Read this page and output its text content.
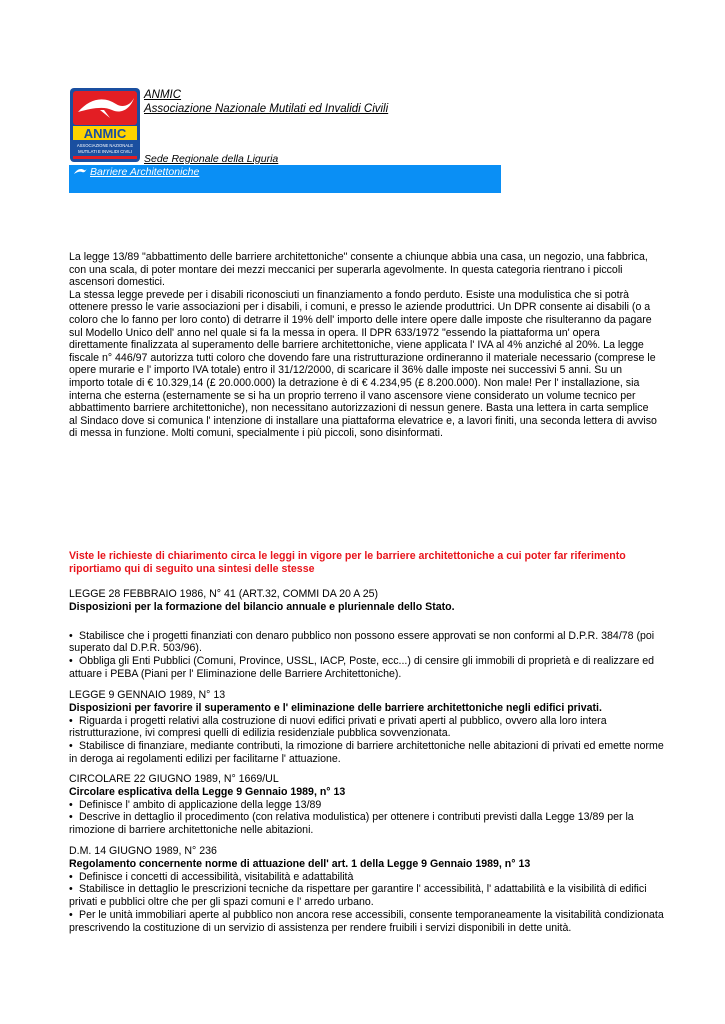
ANMIC
ASSOCIAZIONE NAZIONALE
MUTILATI E INVALIDI CIVILI
ANMIC
Associazione Nazionale Mutilati ed Invalidi Civili
Sede Regionale della Liguria
Barriere Architettoniche

La legge 13/89 "abbattimento delle barriere architettoniche" consente a chiunque abbia una casa, un negozio, una fabbrica, con una scala, di poter montare dei mezzi meccanici per superarla agevolmente. In questa categoria rientrano i piccoli ascensori domestici.

La stessa legge prevede per i disabili riconosciuti un finanziamento a fondo perduto. Esiste una modulistica che si potrà ottenere presso le varie associazioni per i disabili, i comuni, e presso le aziende produttrici. Un DPR consente ai disabili (o a coloro che lo fanno per loro conto) di detrarre il 19% dell' importo delle intere opere dalle imposte che risulteranno da pagare sul Modello Unico dell' anno nel quale si fa la messa in opera. Il DPR 633/1972 "essendo la piattaforma un' opera direttamente finalizzata al superamento delle barriere architettoniche, viene applicata l' IVA al 4% anziché al 20%. La legge fiscale n° 446/97 autorizza tutti coloro che dovendo fare una ristrutturazione ordineranno il materiale necessario (comprese le opere murarie e l' importo IVA totale) entro il 31/12/2000, di scaricare il 36% dalle imposte nei successivi 5 anni. Su un importo totale di € 10.329,14 (£ 20.000.000) la detrazione è di € 4.234,95 (£ 8.200.000). Non male! Per l' installazione, sia interna che esterna (esternamente se si ha un proprio terreno il vano ascensore viene considerato un volume tecnico per abbattimento barriere architettoniche), non necessitano autorizzazioni di nessun genere. Basta una lettera in carta semplice al Sindaco dove si comunica l' intenzione di installare una piattaforma elevatrice e, a lavori finiti, una seconda lettera di avviso di messa in funzione. Molti comuni, specialmente i più piccoli, sono disinformati.

Viste le richieste di chiarimento circa le leggi in vigore per le barriere architettoniche a cui poter far riferimento riportiamo qui di seguito una sintesi delle stesse
LEGGE 28 FEBBRAIO 1986, N° 41 (ART.32, COMMI DA 20 A 25)
Disposizioni per la formazione del bilancio annuale e pluriennale dello Stato.
• Stabilisce che i progetti finanziati con denaro pubblico non possono essere approvati se non conformi al D.P.R. 384/78 (poi superato dal D.P.R. 503/96).
• Obbliga gli Enti Pubblici (Comuni, Province, USSL, IACP, Poste, ecc...) di censire gli immobili di proprietà e di realizzare ed attuare i PEBA (Piani per l' Eliminazione delle Barriere Architettoniche).
LEGGE 9 GENNAIO 1989, N° 13
Disposizioni per favorire il superamento e l' eliminazione delle barriere architettoniche negli edifici privati.
• Riguarda i progetti relativi alla costruzione di nuovi edifici privati e privati aperti al pubblico, ovvero alla loro intera ristrutturazione, ivi compresi quelli di edilizia residenziale pubblica sovvenzionata.
• Stabilisce di finanziare, mediante contributi, la rimozione di barriere architettoniche nelle abitazioni di privati ed emette norme in deroga ai regolamenti edilizi per facilitarne l' attuazione.
CIRCOLARE 22 GIUGNO 1989, N° 1669/UL
Circolare esplicativa della Legge 9 Gennaio 1989, n° 13
• Definisce l' ambito di applicazione della legge 13/89
• Descrive in dettaglio il procedimento (con relativa modulistica) per ottenere i contributi previsti dalla Legge 13/89 per la rimozione di barriere architettoniche nelle abitazioni.
D.M. 14 GIUGNO 1989, N° 236
Regolamento concernente norme di attuazione dell' art. 1 della Legge 9 Gennaio 1989, n° 13
• Definisce i concetti di accessibilità, visitabilità e adattabilità
• Stabilisce in dettaglio le prescrizioni tecniche da rispettare per garantire l' accessibilità, l' adattabilità e la visibilità di edifici privati e pubblici oltre che per gli spazi comuni e l' arredo urbano.
• Per le unità immobiliari aperte al pubblico non ancora rese accessibili, consente temporaneamente la visitabilità condizionata prescrivendo la costituzione di un servizio di assistenza per rendere fruibili i servizi disponibili in dette unità.
